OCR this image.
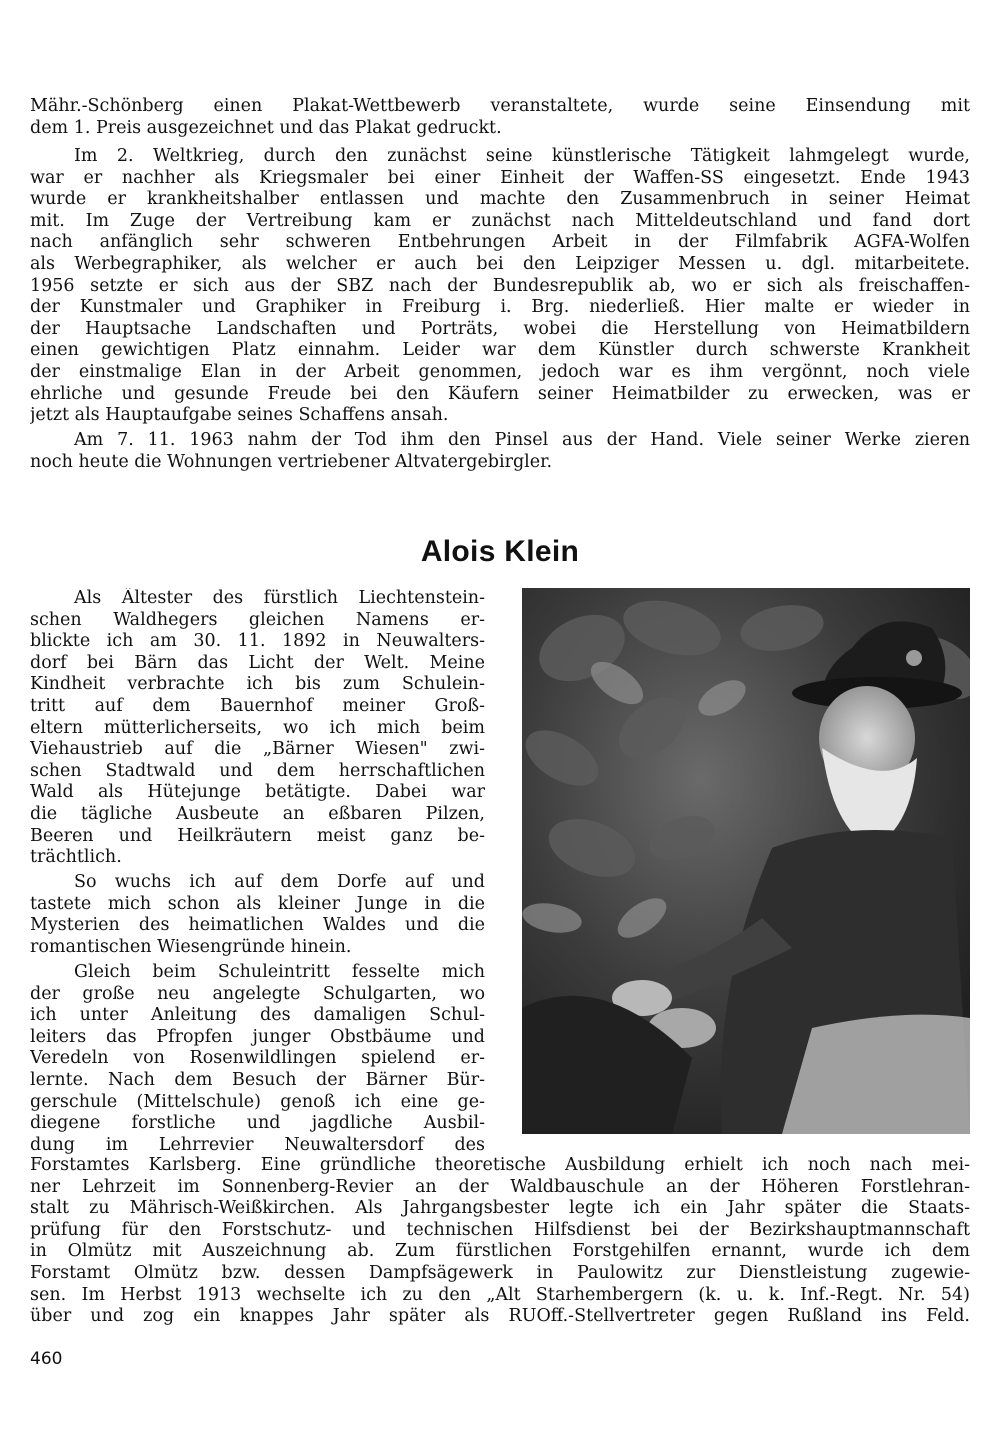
Mähr.-Schönberg einen Plakat-Wettbewerb veranstaltete, wurde seine Einsendung mit
dem 1. Preis ausgezeichnet und das Plakat gedruckt.
Im 2. Weltkrieg, durch den zunächst seine künstlerische Tätigkeit lahmgelegt wurde,
war er nachher als Kriegsmaler bei einer Einheit der Waffen-SS eingesetzt. Ende 1943
wurde er krankheitshalber entlassen und machte den Zusammenbruch in seiner Heimat
mit. Im Zuge der Vertreibung kam er zunächst nach Mitteldeutschland und fand dort
nach anfänglich sehr schweren Entbehrungen Arbeit in der Filmfabrik AGFA-Wolfen
als Werbegraphiker, als welcher er auch bei den Leipziger Messen u. dgl. mitarbeitete.
1956 setzte er sich aus der SBZ nach der Bundesrepublik ab, wo er sich als freischaffen-
der Kunstmaler und Graphiker in Freiburg i. Brg. niederließ. Hier malte er wieder in
der Hauptsache Landschaften und Porträts, wobei die Herstellung von Heimatbildern
einen gewichtigen Platz einnahm. Leider war dem Künstler durch schwerste Krankheit
der einstmalige Elan in der Arbeit genommen, jedoch war es ihm vergönnt, noch viele
ehrliche und gesunde Freude bei den Käufern seiner Heimatbilder zu erwecken, was er
jetzt als Hauptaufgabe seines Schaffens ansah.
Am 7. 11. 1963 nahm der Tod ihm den Pinsel aus der Hand. Viele seiner Werke zieren
noch heute die Wohnungen vertriebener Altvatergebirgler.
Alois Klein
Als Ältester des fürstlich Liechtenstein-
schen Waldhegers gleichen Namens er-
blickte ich am 30. 11. 1892 in Neuwalters-
dorf bei Bärn das Licht der Welt. Meine
Kindheit verbrachte ich bis zum Schulein-
tritt auf dem Bauernhof meiner Groß-
eltern mütterlicherseits, wo ich mich beim
Viehaustrieb auf die „Bärner Wiesen" zwi-
schen Stadtwald und dem herrschaftlichen
Wald als Hütejunge betätigte. Dabei war
die tägliche Ausbeute an eßbaren Pilzen,
Beeren und Heilkräutern meist ganz be-
trächtlich.
So wuchs ich auf dem Dorfe auf und
tastete mich schon als kleiner Junge in die
Mysterien des heimatlichen Waldes und die
romantischen Wiesengründe hinein.
Gleich beim Schuleintritt fesselte mich
der große neu angelegte Schulgarten, wo
ich unter Anleitung des damaligen Schul-
leiters das Pfropfen junger Obstbäume und
Veredeln von Rosenwildlingen spielend er-
lernte. Nach dem Besuch der Bärner Bür-
gerschule (Mittelschule) genoß ich eine ge-
diegene forstliche und jagdliche Ausbil-
dung im Lehrrevier Neuwaltersdorf des
Forstamtes Karlsberg. Eine gründliche theoretische Ausbildung erhielt ich noch nach mei-
ner Lehrzeit im Sonnenberg-Revier an der Waldbauschule an der Höheren Forstlehran-
stalt zu Mährisch-Weißkirchen. Als Jahrgangsbester legte ich ein Jahr später die Staats-
prüfung für den Forstschutz- und technischen Hilfsdienst bei der Bezirkshauptmannschaft
in Olmütz mit Auszeichnung ab. Zum fürstlichen Forstgehilfen ernannt, wurde ich dem
Forstamt Olmütz bzw. dessen Dampfsägewerk in Paulowitz zur Dienstleistung zugewie-
sen. Im Herbst 1913 wechselte ich zu den „Alt Starhembergern (k. u. k. Inf.-Regt. Nr. 54)
über und zog ein knappes Jahr später als RUOff.-Stellvertreter gegen Rußland ins Feld.
460
